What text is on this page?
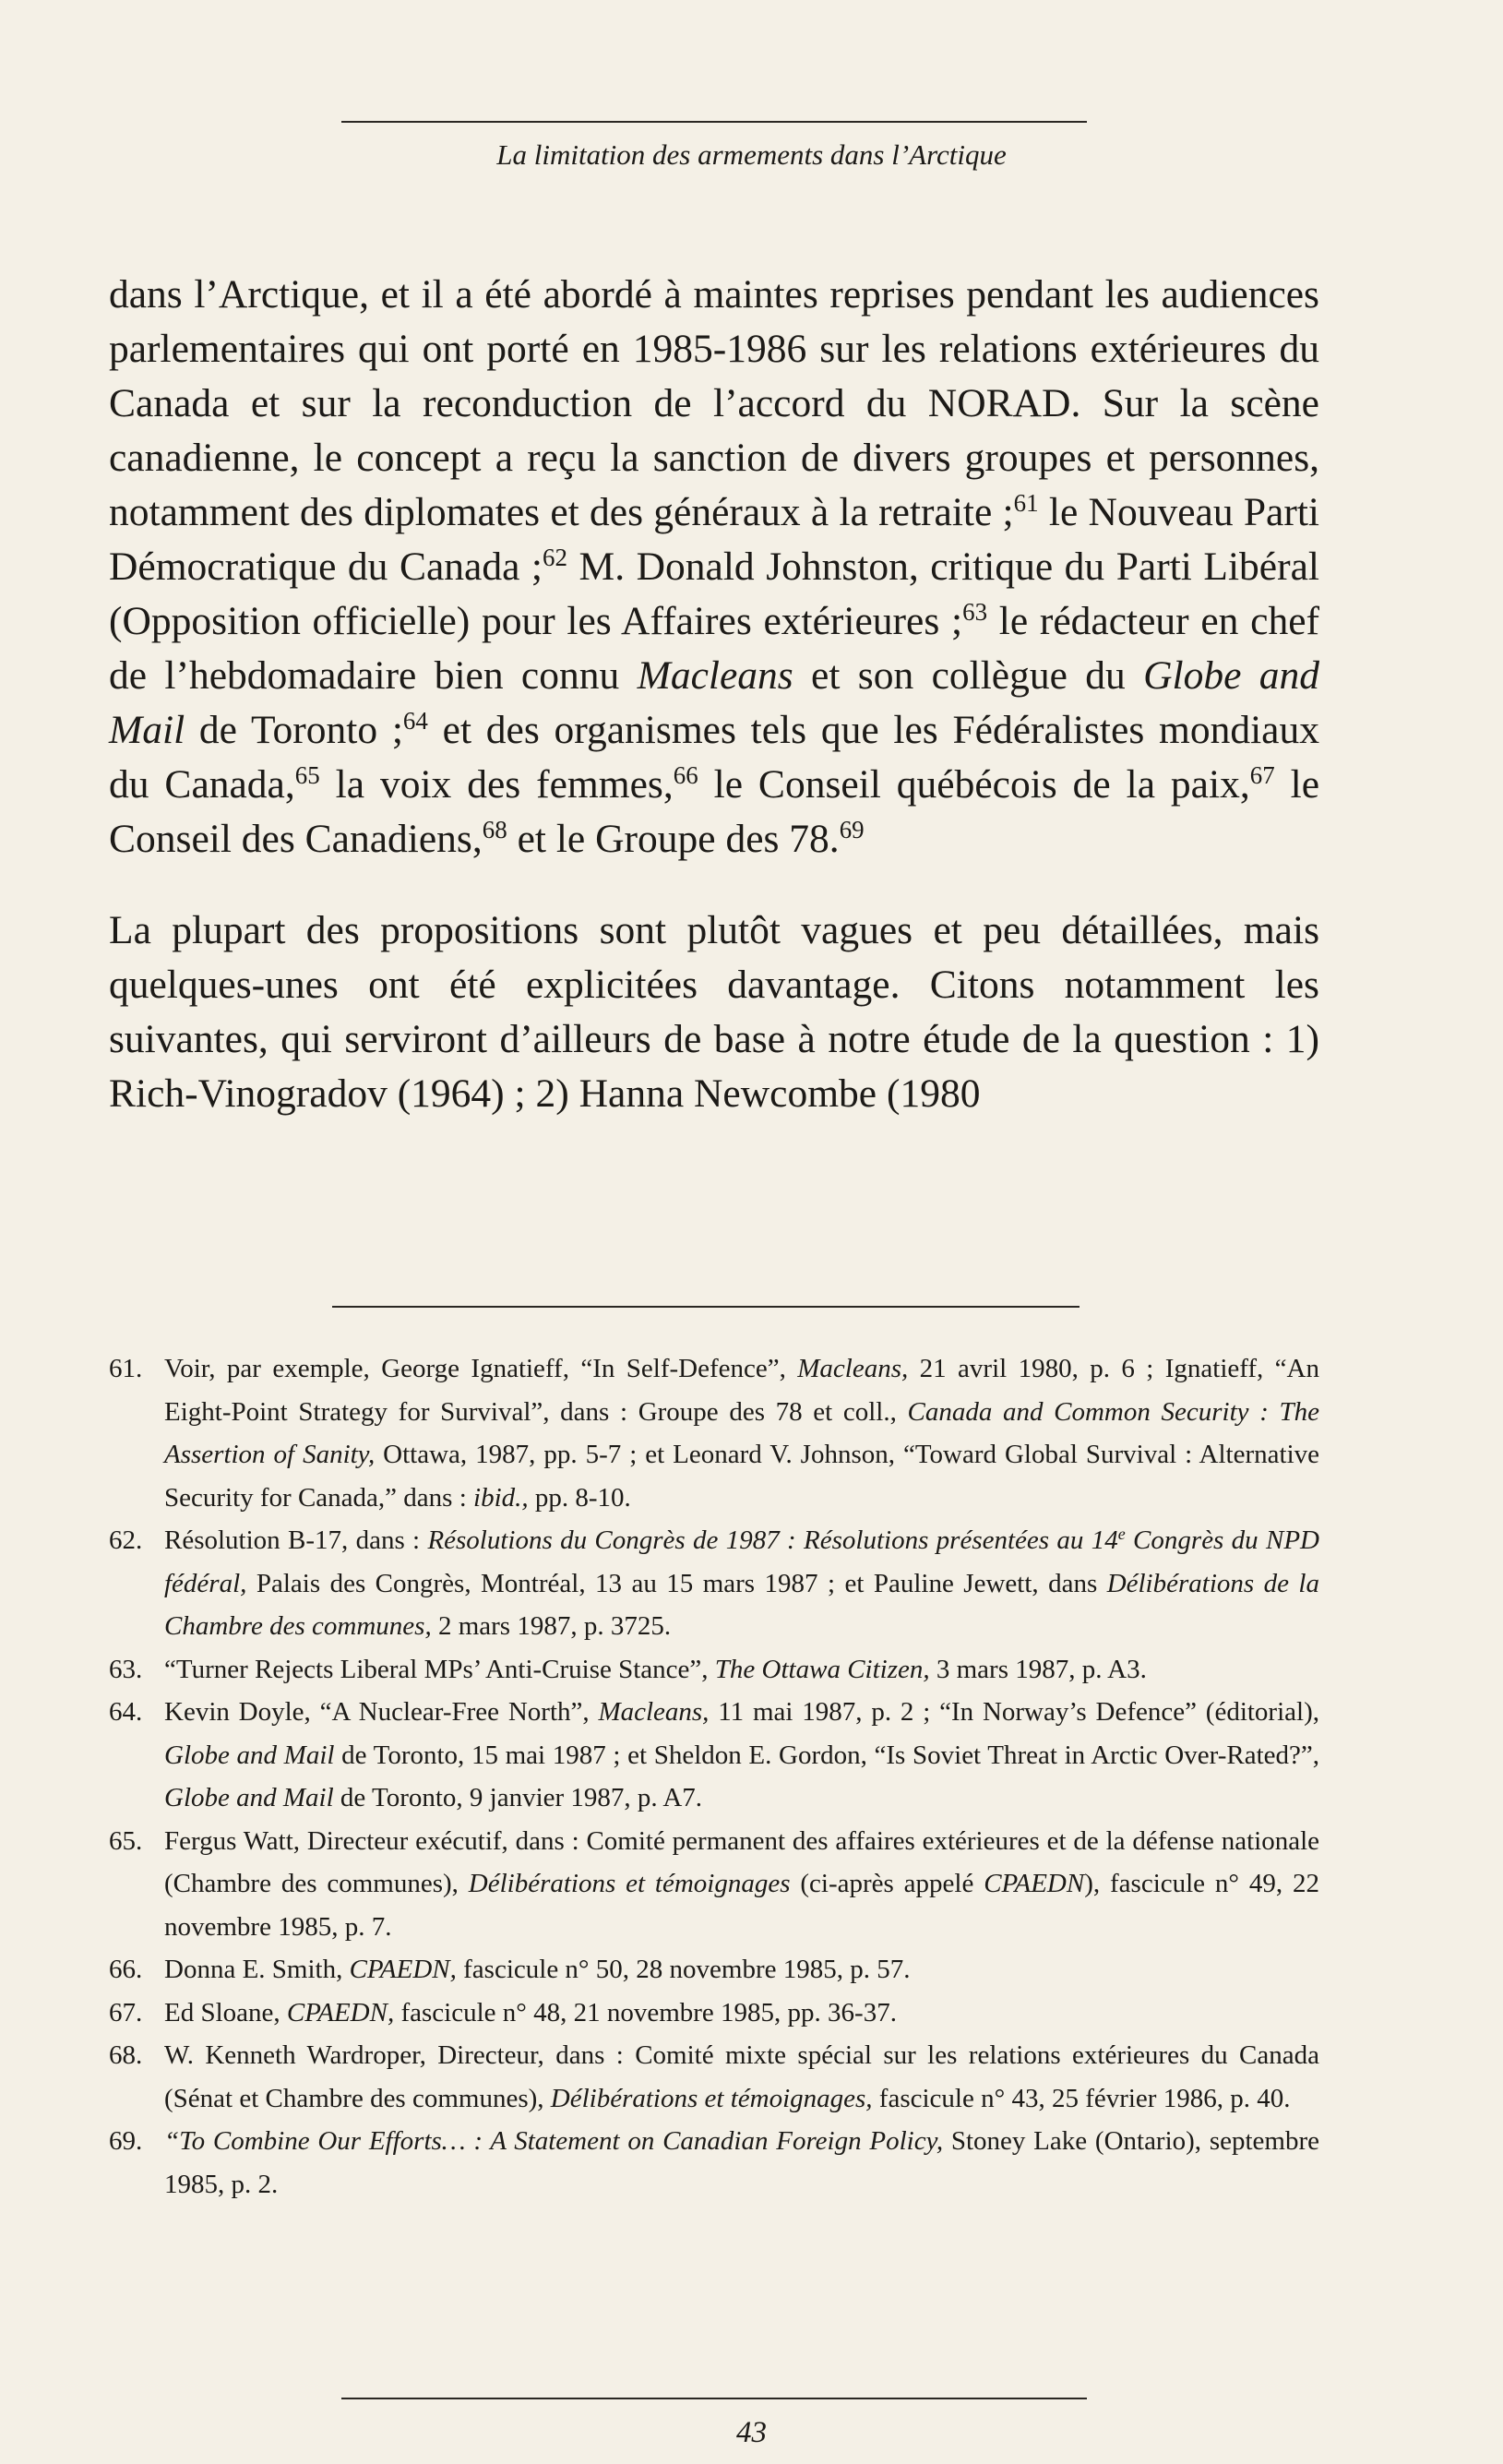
La limitation des armements dans l’Arctique

dans l’Arctique, et il a été abordé à maintes reprises pendant les audiences parlementaires qui ont porté en 1985-1986 sur les relations extérieures du Canada et sur la reconduction de l’accord du NORAD. Sur la scène canadienne, le concept a reçu la sanction de divers groupes et personnes, notamment des diplomates et des généraux à la retraite ;$^{61}$ le Nouveau Parti Démocratique du Canada ;$^{62}$ M. Donald Johnston, critique du Parti Libéral (Opposition officielle) pour les Affaires extérieures ;$^{63}$ le rédacteur en chef de l’hebdomadaire bien connu Macleans et son collègue du Globe and Mail de Toronto ;$^{64}$ et des organismes tels que les Fédéralistes mondiaux du Canada,$^{65}$ la voix des femmes,$^{66}$ le Conseil québécois de la paix,$^{67}$ le Conseil des Canadiens,$^{68}$ et le Groupe des 78.69

La plupart des propositions sont plutôt vagues et peu détaillées, mais quelques-unes ont été explicitées davantage. Citons notamment les suivantes, qui serviront d’ailleurs de base à notre étude de la question : 1) Rich-Vinogradov (1964) ; 2) Hanna Newcombe (1980

61. Voir, par exemple, George Ignatieff, “In Self-Defence”, Macleans, 21 avril 1980, p. 6 ; Ignatieff, “An Eight-Point Strategy for Survival”, dans : Groupe des 78 et coll., Canada and Common Security : The Assertion of Sanity, Ottawa, 1987, pp. 5-7 ; et Leonard V. Johnson, “Toward Global Survival : Alternative Security for Canada,” dans : ibid., pp. 8-10.
62. Résolution B-17, dans : Résolutions du Congrès de 1987 : Résolutions présentées au 14e Congrès du NPD fédéral, Palais des Congrès, Montréal, 13 au 15 mars 1987 ; et Pauline Jewett, dans Délibérations de la Chambre des communes, 2 mars 1987, p. 3725.
63. “Turner Rejects Liberal MPs’ Anti-Cruise Stance”, The Ottawa Citizen, 3 mars 1987, p. A3.
64. Kevin Doyle, “A Nuclear-Free North”, Macleans, 11 mai 1987, p. 2 ; “In Norway’s Defence” (éditorial), Globe and Mail de Toronto, 15 mai 1987 ; et Sheldon E. Gordon, “Is Soviet Threat in Arctic Over-Rated?”, Globe and Mail de Toronto, 9 janvier 1987, p. A7.
65. Fergus Watt, Directeur exécutif, dans : Comité permanent des affaires extérieures et de la défense nationale (Chambre des communes), Délibérations et témoignages (ci-après appelé CPAEDN), fascicule n° 49, 22 novembre 1985, p. 7.
66. Donna E. Smith, CPAEDN, fascicule n° 50, 28 novembre 1985, p. 57.
67. Ed Sloane, CPAEDN, fascicule n° 48, 21 novembre 1985, pp. 36-37.
68. W. Kenneth Wardroper, Directeur, dans : Comité mixte spécial sur les relations extérieures du Canada (Sénat et Chambre des communes), Délibérations et témoignages, fascicule n° 43, 25 février 1986, p. 40.
69. “To Combine Our Efforts… : A Statement on Canadian Foreign Policy, Stoney Lake (Ontario), septembre 1985, p. 2.
43
